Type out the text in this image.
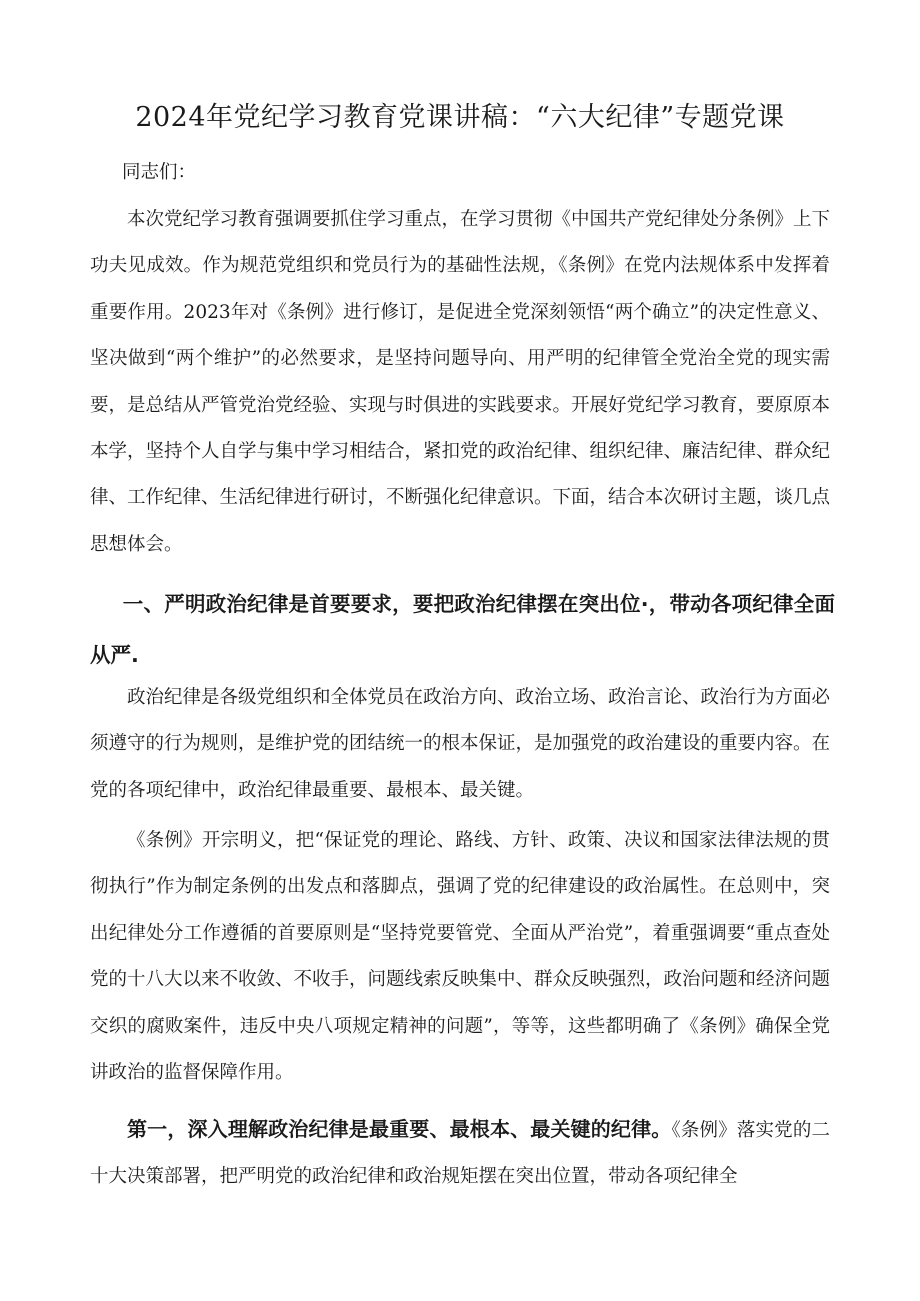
2024年党纪学习教育党课讲稿：“六大纪律”专题党课

同志们：

本次党纪学习教育强调要抓住学习重点，在学习贯彻《中国共产党纪律处分条例》上下功夫见成效。作为规范党组织和党员行为的基础性法规，《条例》在党内法规体系中发挥着重要作用。2023年对《条例》进行修订，是促进全党深刻领悟“两个确立”的决定性意义、坚决做到“两个维护”的必然要求，是坚持问题导向、用严明的纪律管全党治全党的现实需要，是总结从严管党治党经验、实现与时俱进的实践要求。开展好党纪学习教育，要原原本本学，坚持个人自学与集中学习相结合，紧扣党的政治纪律、组织纪律、廉洁纪律、群众纪律、工作纪律、生活纪律进行研讨，不断强化纪律意识。下面，结合本次研讨主题，谈几点思想体会。

一、严明政治纪律是首要要求，要把政治纪律摆在突出位·，带动各项纪律全面从严.

政治纪律是各级党组织和全体党员在政治方向、政治立场、政治言论、政治行为方面必须遵守的行为规则，是维护党的团结统一的根本保证，是加强党的政治建设的重要内容。在党的各项纪律中，政治纪律最重要、最根本、最关键。

《条例》开宗明义，把“保证党的理论、路线、方针、政策、决议和国家法律法规的贯彻执行”作为制定条例的出发点和落脚点，强调了党的纪律建设的政治属性。在总则中，突出纪律处分工作遵循的首要原则是“坚持党要管党、全面从严治党”，着重强调要“重点查处党的十八大以来不收敛、不收手，问题线索反映集中、群众反映强烈，政治问题和经济问题交织的腐败案件，违反中央八项规定精神的问题”，等等，这些都明确了《条例》确保全党讲政治的监督保障作用。

第一，深入理解政治纪律是最重要、最根本、最关键的纪律。《条例》落实党的二十大决策部署，把严明党的政治纪律和政治规矩摆在突出位置，带动各项纪律全
